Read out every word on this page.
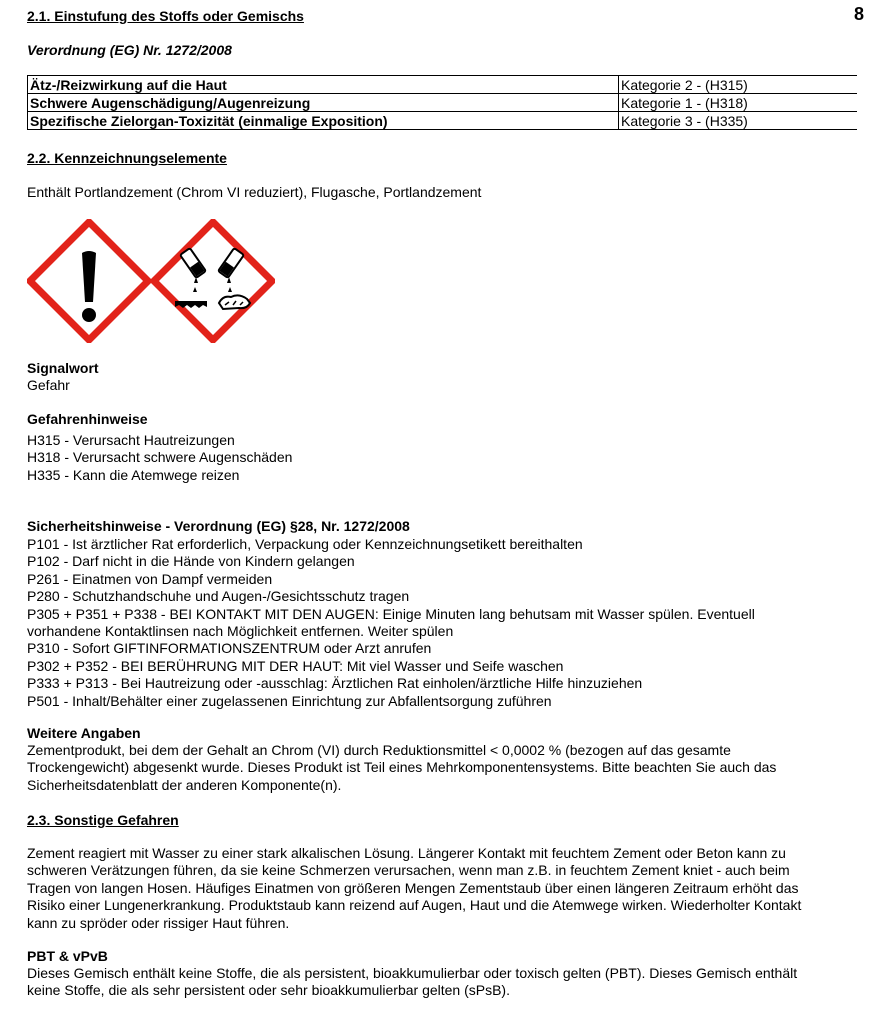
8
2.1. Einstufung des Stoffs oder Gemischs
Verordnung (EG) Nr. 1272/2008
Ätz-/Reizwirkung auf die Haut	Kategorie 2 - (H315)
Schwere Augenschädigung/Augenreizung	Kategorie 1 - (H318)
Spezifische Zielorgan-Toxizität (einmalige Exposition)	Kategorie 3 - (H335)
2.2. Kennzeichnungselemente
Enthält Portlandzement (Chrom VI reduziert), Flugasche, Portlandzement
Signalwort
Gefahr
Gefahrenhinweise
H315 - Verursacht Hautreizungen
H318 - Verursacht schwere Augenschäden
H335 - Kann die Atemwege reizen
Sicherheitshinweise - Verordnung (EG) §28, Nr. 1272/2008
P101 - Ist ärztlicher Rat erforderlich, Verpackung oder Kennzeichnungsetikett bereithalten
P102 - Darf nicht in die Hände von Kindern gelangen
P261 - Einatmen von Dampf vermeiden
P280 - Schutzhandschuhe und Augen-/Gesichtsschutz tragen
P305 + P351 + P338 - BEI KONTAKT MIT DEN AUGEN: Einige Minuten lang behutsam mit Wasser spülen. Eventuell
vorhandene Kontaktlinsen nach Möglichkeit entfernen. Weiter spülen
P310 - Sofort GIFTINFORMATIONSZENTRUM oder Arzt anrufen
P302 + P352 - BEI BERÜHRUNG MIT DER HAUT: Mit viel Wasser und Seife waschen
P333 + P313 - Bei Hautreizung oder -ausschlag: Ärztlichen Rat einholen/ärztliche Hilfe hinzuziehen
P501 - Inhalt/Behälter einer zugelassenen Einrichtung zur Abfallentsorgung zuführen
Weitere Angaben
Zementprodukt, bei dem der Gehalt an Chrom (VI) durch Reduktionsmittel < 0,0002 % (bezogen auf das gesamte
Trockengewicht) abgesenkt wurde. Dieses Produkt ist Teil eines Mehrkomponentensystems. Bitte beachten Sie auch das
Sicherheitsdatenblatt der anderen Komponente(n).
2.3. Sonstige Gefahren
Zement reagiert mit Wasser zu einer stark alkalischen Lösung. Längerer Kontakt mit feuchtem Zement oder Beton kann zu
schweren Verätzungen führen, da sie keine Schmerzen verursachen, wenn man z.B. in feuchtem Zement kniet - auch beim
Tragen von langen Hosen. Häufiges Einatmen von größeren Mengen Zementstaub über einen längeren Zeitraum erhöht das
Risiko einer Lungenerkrankung. Produktstaub kann reizend auf Augen, Haut und die Atemwege wirken. Wiederholter Kontakt
kann zu spröder oder rissiger Haut führen.
PBT & vPvB
Dieses Gemisch enthält keine Stoffe, die als persistent, bioakkumulierbar oder toxisch gelten (PBT). Dieses Gemisch enthält
keine Stoffe, die als sehr persistent oder sehr bioakkumulierbar gelten (sPsB).
